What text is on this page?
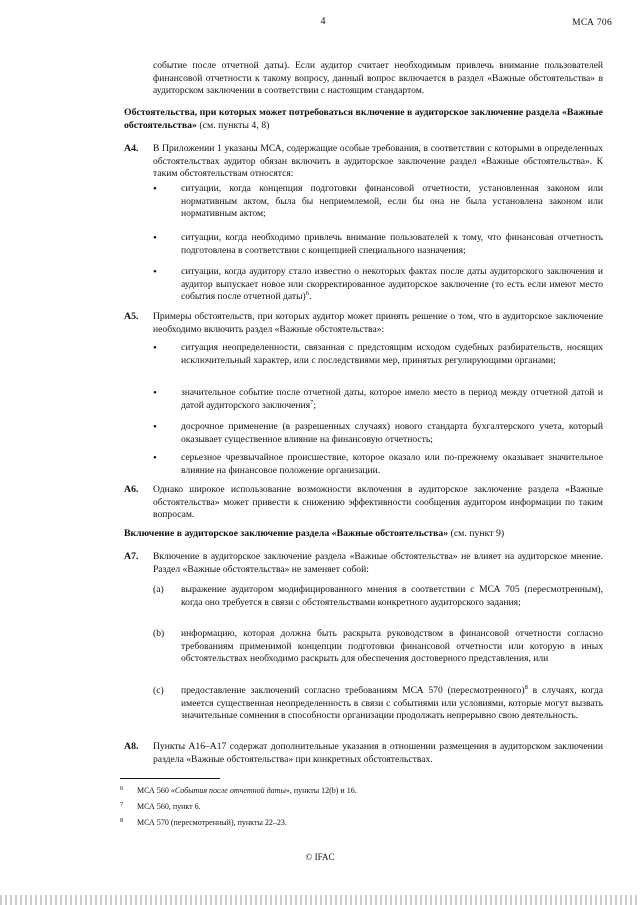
4	МСА 706
событие после отчетной даты). Если аудитор считает необходимым привлечь внимание пользователей финансовой отчетности к такому вопросу, данный вопрос включается в раздел «Важные обстоятельства» в аудиторском заключении в соответствии с настоящим стандартом.
Обстоятельства, при которых может потребоваться включение в аудиторское заключение раздела «Важные обстоятельства» (см. пункты 4, 8)
A4. В Приложении 1 указаны МСА, содержащие особые требования, в соответствии с которыми в определенных обстоятельствах аудитор обязан включить в аудиторское заключение раздел «Важные обстоятельства». К таким обстоятельствам относятся:
•	ситуации, когда концепция подготовки финансовой отчетности, установленная законом или нормативным актом, была бы неприемлемой, если бы она не была установлена законом или нормативным актом;
•	ситуации, когда необходимо привлечь внимание пользователей к тому, что финансовая отчетность подготовлена в соответствии с концепцией специального назначения;
•	ситуации, когда аудитору стало известно о некоторых фактах после даты аудиторского заключения и аудитор выпускает новое или скорректированное аудиторское заключение (то есть если имеют место события после отчетной даты)$^6$.
A5. Примеры обстоятельств, при которых аудитор может принять решение о том, что в аудиторское заключение необходимо включить раздел «Важные обстоятельства»:
•	ситуация неопределенности, связанная с предстоящим исходом судебных разбирательств, носящих исключительный характер, или с последствиями мер, принятых регулирующими органами;
•	значительное событие после отчетной даты, которое имело место в период между отчетной датой и датой аудиторского заключения$^7$;
•	досрочное применение (в разрешенных случаях) нового стандарта бухгалтерского учета, который оказывает существенное влияние на финансовую отчетность;
•	серьезное чрезвычайное происшествие, которое оказало или по-прежнему оказывает значительное влияние на финансовое положение организации.
A6. Однако широкое использование возможности включения в аудиторское заключение раздела «Важные обстоятельства» может привести к снижению эффективности сообщения аудитором информации по таким вопросам.
Включение в аудиторское заключение раздела «Важные обстоятельства» (см. пункт 9)
A7. Включение в аудиторское заключение раздела «Важные обстоятельства» не влияет на аудиторское мнение. Раздел «Важные обстоятельства» не заменяет собой:
(a) выражение аудитором модифицированного мнения в соответствии с МСА 705 (пересмотренным), когда оно требуется в связи с обстоятельствами конкретного аудиторского задания;
(b) информацию, которая должна быть раскрыта руководством в финансовой отчетности согласно требованиям применимой концепции подготовки финансовой отчетности или которую в иных обстоятельствах необходимо раскрыть для обеспечения достоверного представления, или
(c) предоставление заключений согласно требованиям МСА 570 (пересмотренного)$^8$ в случаях, когда имеется существенная неопределенность в связи с событиями или условиями, которые могут вызвать значительные сомнения в способности организации продолжать непрерывно свою деятельность.
A8. Пункты A16–A17 содержат дополнительные указания в отношении размещения в аудиторском заключении раздела «Важные обстоятельства» при конкретных обстоятельствах.
6 МСА 560 «События после отчетной даты», пункты 12(b) и 16.
7 МСА 560, пункт 6.
8 МСА 570 (пересмотренный), пункты 22–23.
© IFAC
